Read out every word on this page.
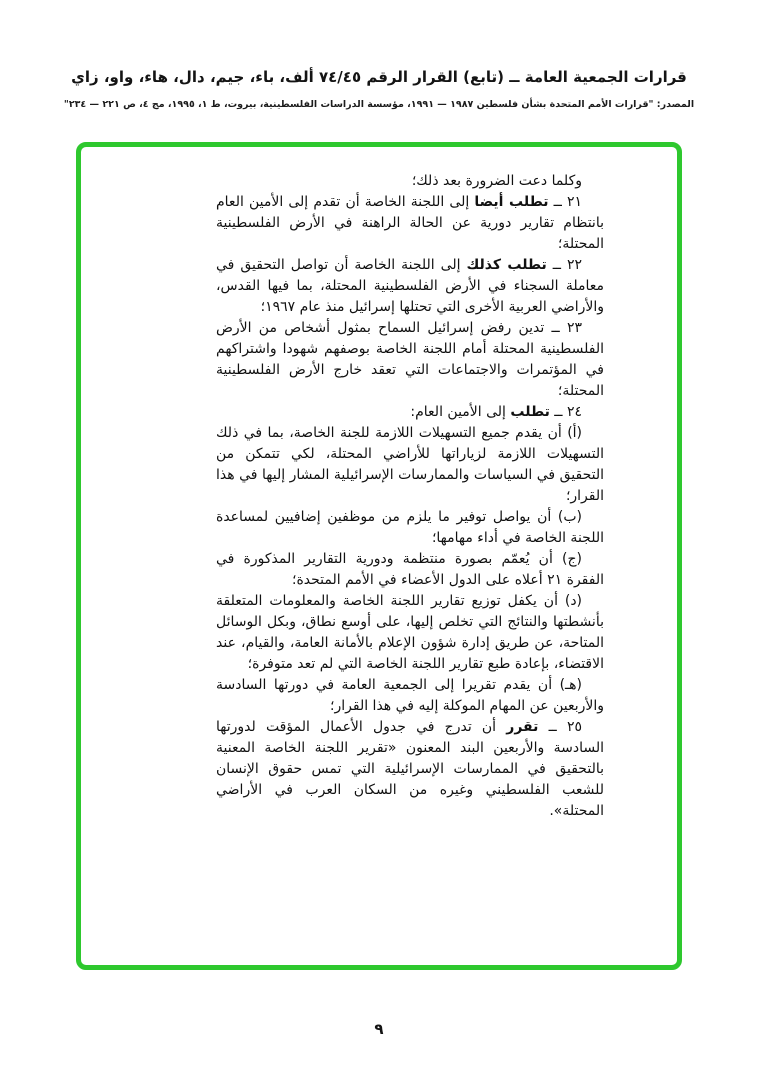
قرارات الجمعية العامة ــ (تابع) القرار الرقم ٧٤/٤٥ ألف، باء، جيم، دال، هاء، واو، زاي
المصدر: "قرارات الأمم المتحدة بشأن فلسطين ١٩٨٧ — ١٩٩١، مؤسسة الدراسات الفلسطينية، بيروت، ط ١، ١٩٩٥، مج ٤، ص ٢٢١ — ٢٣٤"

وكلما دعت الضرورة بعد ذلك؛

٢١ ــ تطلب أيضا إلى اللجنة الخاصة أن تقدم إلى الأمين العام بانتظام تقارير دورية عن الحالة الراهنة في الأرض الفلسطينية المحتلة؛

٢٢ ــ تطلب كذلك إلى اللجنة الخاصة أن تواصل التحقيق في معاملة السجناء في الأرض الفلسطينية المحتلة، بما فيها القدس، والأراضي العربية الأخرى التي تحتلها إسرائيل منذ عام ١٩٦٧؛

٢٣ ــ تدين رفض إسرائيل السماح بمثول أشخاص من الأرض الفلسطينية المحتلة أمام اللجنة الخاصة بوصفهم شهودا واشتراكهم في المؤتمرات والاجتماعات التي تعقد خارج الأرض الفلسطينية المحتلة؛

٢٤ ــ تطلب إلى الأمين العام:

(أ) أن يقدم جميع التسهيلات اللازمة للجنة الخاصة، بما في ذلك التسهيلات اللازمة لزياراتها للأراضي المحتلة، لكي تتمكن من التحقيق في السياسات والممارسات الإسرائيلية المشار إليها في هذا القرار؛

(ب) أن يواصل توفير ما يلزم من موظفين إضافيين لمساعدة اللجنة الخاصة في أداء مهامها؛

(ج) أن يُعمّم بصورة منتظمة ودورية التقارير المذكورة في الفقرة ٢١ أعلاه على الدول الأعضاء في الأمم المتحدة؛

(د) أن يكفل توزيع تقارير اللجنة الخاصة والمعلومات المتعلقة بأنشطتها والنتائج التي تخلص إليها، على أوسع نطاق، وبكل الوسائل المتاحة، عن طريق إدارة شؤون الإعلام بالأمانة العامة، والقيام، عند الاقتضاء، بإعادة طبع تقارير اللجنة الخاصة التي لم تعد متوفرة؛

(هـ) أن يقدم تقريرا إلى الجمعية العامة في دورتها السادسة والأربعين عن المهام الموكلة إليه في هذا القرار؛

٢٥ ــ تقرر أن تدرج في جدول الأعمال المؤقت لدورتها السادسة والأربعين البند المعنون «تقرير اللجنة الخاصة المعنية بالتحقيق في الممارسات الإسرائيلية التي تمس حقوق الإنسان للشعب الفلسطيني وغيره من السكان العرب في الأراضي المحتلة».

٩
